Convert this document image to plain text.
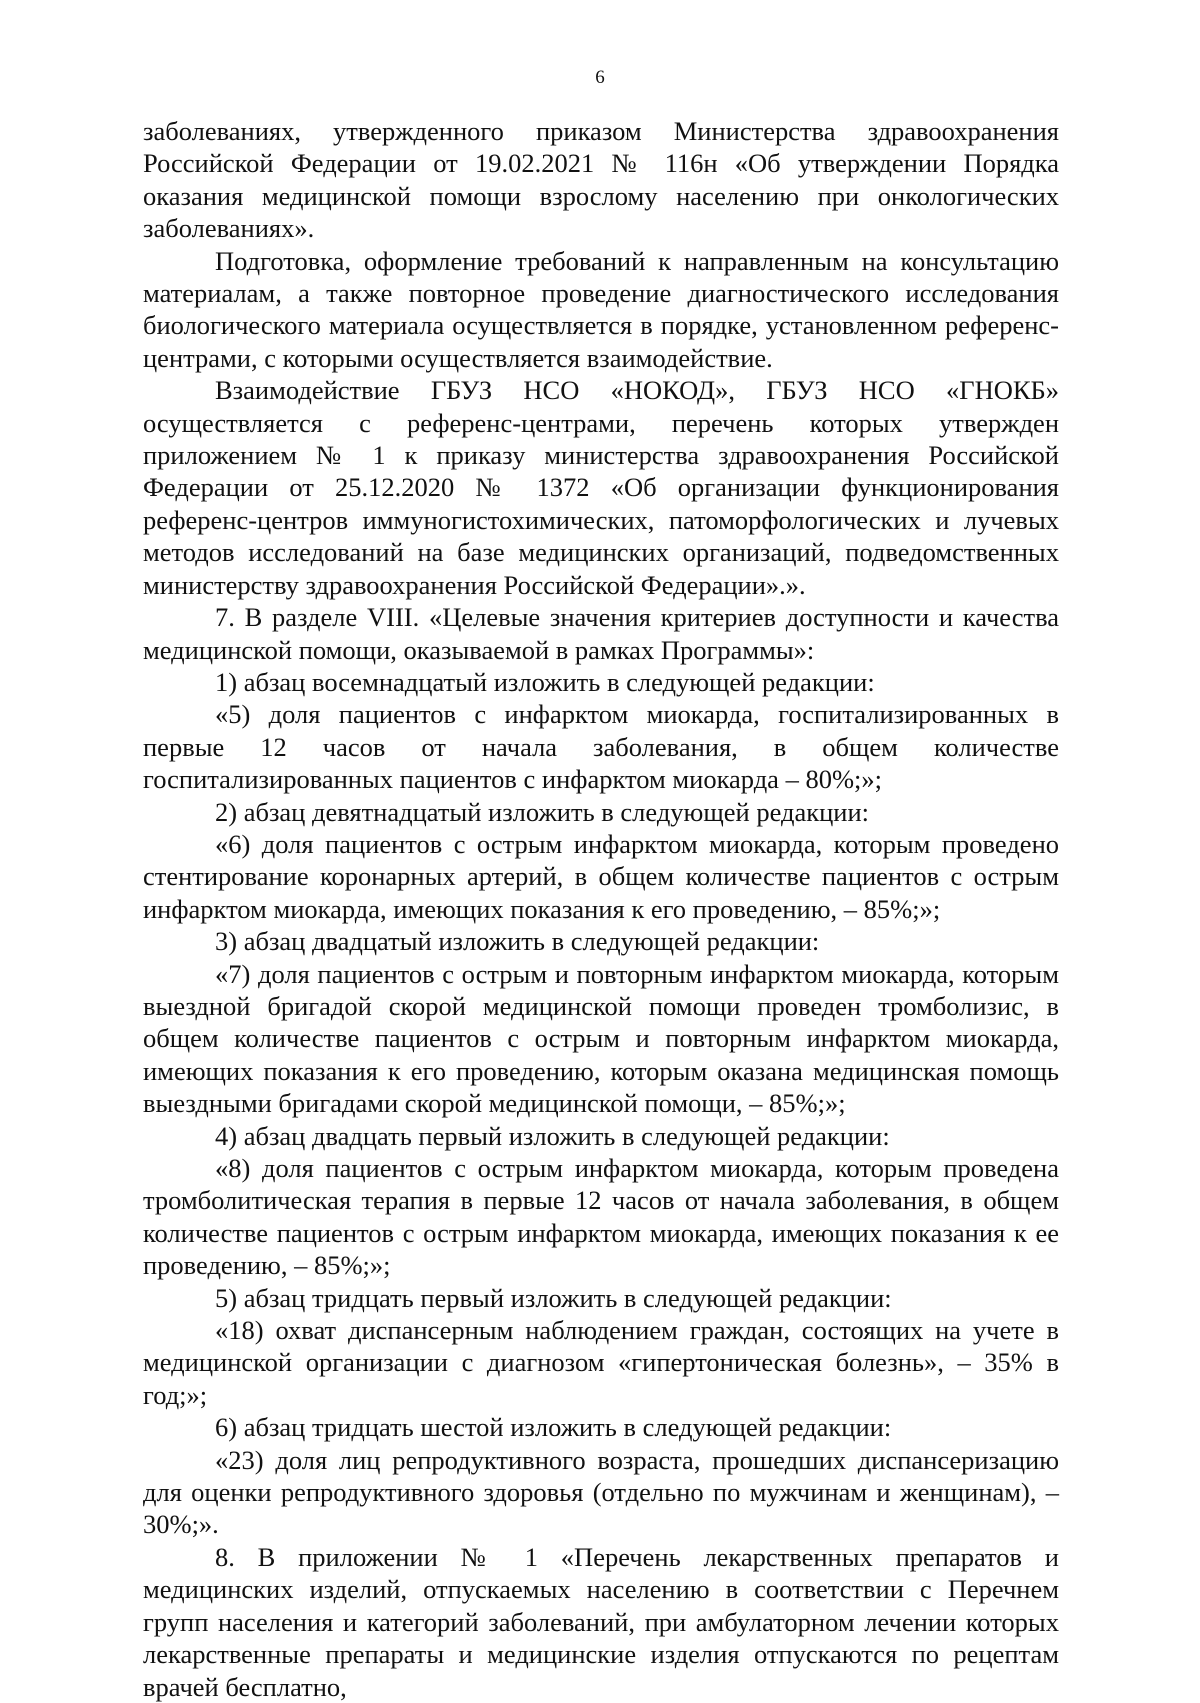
6

заболеваниях, утвержденного приказом Министерства здравоохранения Российской Федерации от 19.02.2021 № 116н «Об утверждении Порядка оказания медицинской помощи взрослому населению при онкологических заболеваниях».

Подготовка, оформление требований к направленным на консультацию материалам, а также повторное проведение диагностического исследования биологического материала осуществляется в порядке, установленном референс-центрами, с которыми осуществляется взаимодействие.

Взаимодействие ГБУЗ НСО «НОКОД», ГБУЗ НСО «ГНОКБ» осуществляется с референс-центрами, перечень которых утвержден приложением № 1 к приказу министерства здравоохранения Российской Федерации от 25.12.2020 № 1372 «Об организации функционирования референс-центров иммуногистохимических, патоморфологических и лучевых методов исследований на базе медицинских организаций, подведомственных министерству здравоохранения Российской Федерации».».

7. В разделе VIII. «Целевые значения критериев доступности и качества медицинской помощи, оказываемой в рамках Программы»:

1) абзац восемнадцатый изложить в следующей редакции:

«5) доля пациентов с инфарктом миокарда, госпитализированных в первые 12 часов от начала заболевания, в общем количестве госпитализированных пациентов с инфарктом миокарда – 80%;»;

2) абзац девятнадцатый изложить в следующей редакции:

«6) доля пациентов с острым инфарктом миокарда, которым проведено стентирование коронарных артерий, в общем количестве пациентов с острым инфарктом миокарда, имеющих показания к его проведению, – 85%;»;

3) абзац двадцатый изложить в следующей редакции:

«7) доля пациентов с острым и повторным инфарктом миокарда, которым выездной бригадой скорой медицинской помощи проведен тромболизис, в общем количестве пациентов с острым и повторным инфарктом миокарда, имеющих показания к его проведению, которым оказана медицинская помощь выездными бригадами скорой медицинской помощи, – 85%;»;

4) абзац двадцать первый изложить в следующей редакции:

«8) доля пациентов с острым инфарктом миокарда, которым проведена тромболитическая терапия в первые 12 часов от начала заболевания, в общем количестве пациентов с острым инфарктом миокарда, имеющих показания к ее проведению, – 85%;»;

5) абзац тридцать первый изложить в следующей редакции:

«18) охват диспансерным наблюдением граждан, состоящих на учете в медицинской организации с диагнозом «гипертоническая болезнь», – 35% в год;»;

6) абзац тридцать шестой изложить в следующей редакции:

«23) доля лиц репродуктивного возраста, прошедших диспансеризацию для оценки репродуктивного здоровья (отдельно по мужчинам и женщинам), – 30%;».

8. В приложении № 1 «Перечень лекарственных препаратов и медицинских изделий, отпускаемых населению в соответствии с Перечнем групп населения и категорий заболеваний, при амбулаторном лечении которых лекарственные препараты и медицинские изделия отпускаются по рецептам врачей бесплатно,
